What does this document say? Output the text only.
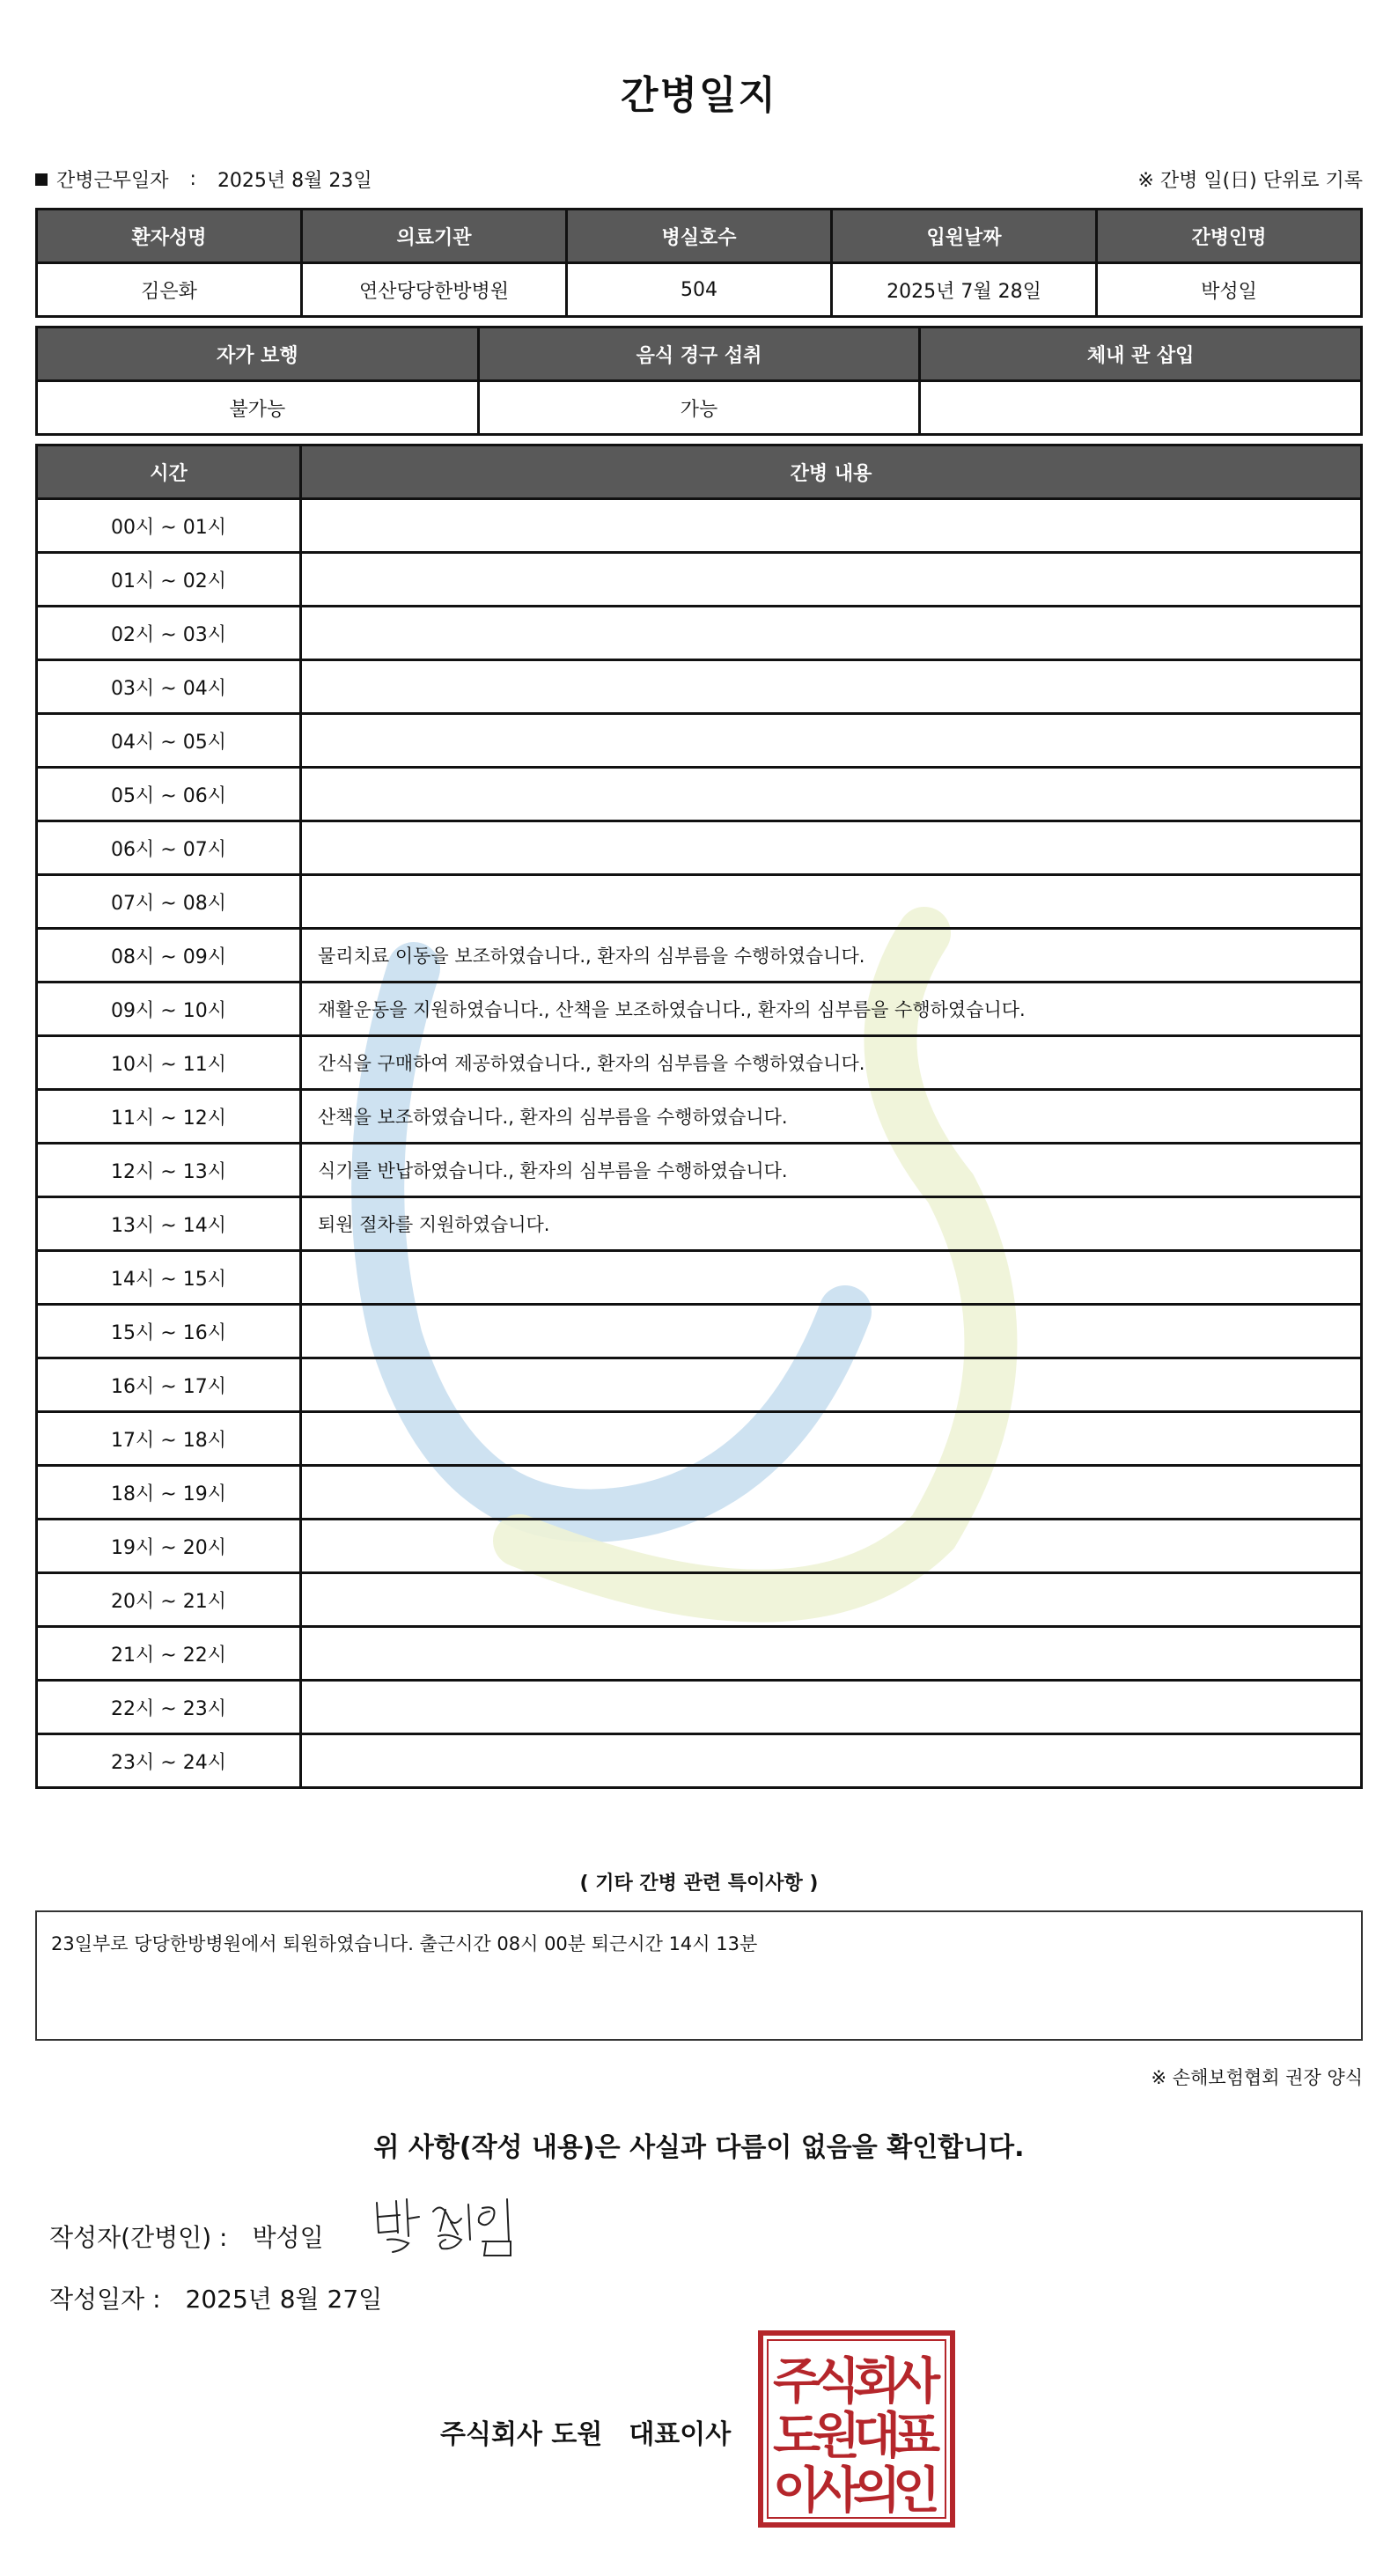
간병일지
간병근무일자 : 2025년 8월 23일	※ 간병 일(日) 단위로 기록
환자성명	의료기관	병실호수	입원날짜	간병인명
김은화	연산당당한방병원	504	2025년 7월 28일	박성일
자가 보행	음식 경구 섭취	체내 관 삽입
불가능	가능	
시간	간병 내용
00시 ~ 01시	
01시 ~ 02시	
02시 ~ 03시	
03시 ~ 04시	
04시 ~ 05시	
05시 ~ 06시	
06시 ~ 07시	
07시 ~ 08시	
08시 ~ 09시	물리치료 이동을 보조하였습니다., 환자의 심부름을 수행하였습니다.
09시 ~ 10시	재활운동을 지원하였습니다., 산책을 보조하였습니다., 환자의 심부름을 수행하였습니다.
10시 ~ 11시	간식을 구매하여 제공하였습니다., 환자의 심부름을 수행하였습니다.
11시 ~ 12시	산책을 보조하였습니다., 환자의 심부름을 수행하였습니다.
12시 ~ 13시	식기를 반납하였습니다., 환자의 심부름을 수행하였습니다.
13시 ~ 14시	퇴원 절차를 지원하였습니다.
14시 ~ 15시	
15시 ~ 16시	
16시 ~ 17시	
17시 ~ 18시	
18시 ~ 19시	
19시 ~ 20시	
20시 ~ 21시	
21시 ~ 22시	
22시 ~ 23시	
23시 ~ 24시	
( 기타 간병 관련 특이사항 )
23일부로 당당한방병원에서 퇴원하였습니다. 출근시간 08시 00분 퇴근시간 14시 13분
※ 손해보험협회 권장 양식
위 사항(작성 내용)은 사실과 다름이 없음을 확인합니다.
작성자(간병인) : 박성일
작성일자 : 2025년 8월 27일
주식회사 도원 대표이사
주
식
회
사
도
원
대
표
이
사
의
인
